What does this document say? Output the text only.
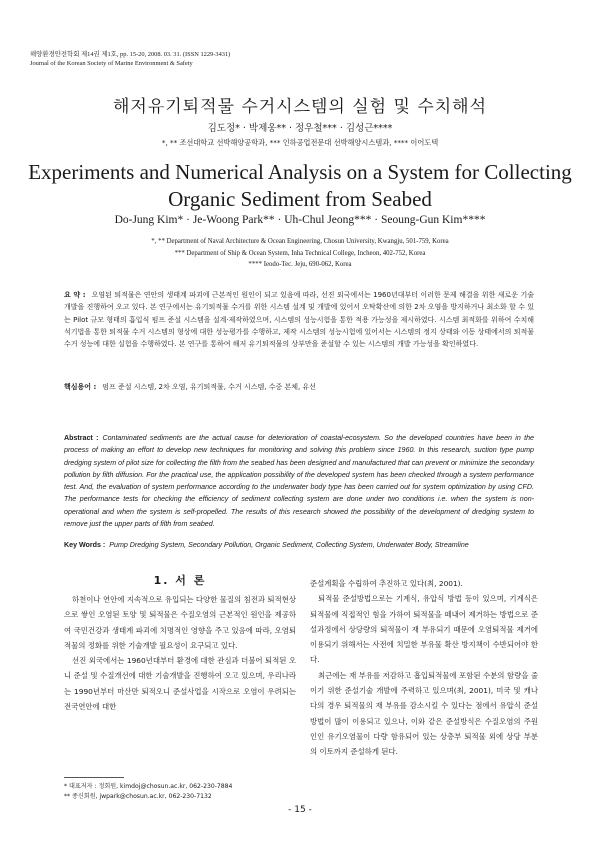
해양환경안전학회 제14권 제1호, pp. 15-20, 2008. 03. 31. (ISSN 1229-3431)
Journal of the Korean Society of Marine Environment & Safety
해저유기퇴적물 수거시스템의 실험 및 수치해석
김도정* · 박제웅** · 정우철*** · 김성근****
*, ** 조선대학교 선박해양공학과, *** 인하공업전문대 선박해양시스템과, **** 이어도텍
Experiments and Numerical Analysis on a System for Collecting
Organic Sediment from Seabed
Do-Jung Kim* · Je-Woong Park** · Uh-Chul Jeong*** · Seoung-Gun Kim****
*, ** Department of Naval Architecture & Ocean Engineering, Chosun University, Kwangju, 501-759, Korea
*** Department of Ship & Ocean System, Inha Technical College, Incheon, 402-752, Korea
**** Ieodo-Tec. Jeju, 690-062, Korea
요 약 : 오염된 퇴적물은 연안의 생태계 파괴에 근본적인 원인이 되고 있음에 따라, 선진 외국에서는 1960년대부터 이러한 문제 해결을 위한 새로운 기술개발을 진행하여 오고 있다. 본 연구에서는 유기퇴적물 수거를 위한 시스템 설계 및 개발에 있어서 오탁확산에 의한 2차 오염을 방지하거나 최소화 할 수 있는 Pilot 규모 형태의 흡입식 펌프 준설 시스템을 설계·제작하였으며, 시스템의 성능시험을 통한 적용 가능성을 제시하였다. 시스템 최적화를 위하여 수치해석기법을 통한 퇴적물 수거 시스템의 형상에 대한 성능평가를 수행하고, 제작 시스템의 성능시험에 있어서는 시스템의 정지 상태와 이동 상태에서의 퇴적물 수거 성능에 대한 실험을 수행하였다. 본 연구를 통하여 해저 유기퇴적물의 상부만을 준설할 수 있는 시스템의 개발 가능성을 확인하였다.
핵심용어 : 펌프 준설 시스템, 2차 오염, 유기퇴적물, 수거 시스템, 수중 본체, 유선
Abstract : Contaminated sediments are the actual cause for deterioration of coastal-ecosystem. So the developed countries have been in the process of making an effort to develop new techniques for monitoring and solving this problem since 1960. In this research, suction type pump dredging system of pilot size for collecting the filth from the seabed has been designed and manufactured that can prevent or minimize the secondary pollution by filth diffusion. For the practical use, the application possibility of the developed system has been checked through a system performance test. And, the evaluation of system performance according to the underwater body type has been carried out for system optimization by using CFD. The performance tests for checking the efficiency of sediment collecting system are done under two conditions i.e. when the system is non-operational and when the system is self-propelled. The results of this research showed the possibility of the development of dredging system to remove just the upper parts of filth from seabed.
Key Words : Pump Dredging System, Secondary Pollution, Organic Sediment, Collecting System, Underwater Body, Streamline
1. 서 론

하천이나 연안에 지속적으로 유입되는 다양한 물질의 침전과 퇴적현상으로 쌓인 오염된 토양 및 퇴적물은 수질오염의 근본적인 원인을 제공하여 국민건강과 생태계 파괴에 치명적인 영향을 주고 있음에 따라, 오염퇴적물의 정화를 위한 기술개발 필요성이 요구되고 있다.

선진 외국에서는 1960년대부터 환경에 대한 관심과 더불어 퇴적된 오니 준설 및 수질개선에 대한 기술개발을 진행하여 오고 있으며, 우리나라는 1990년부터 마산만 퇴적오니 준설사업을 시작으로 오염이 우려되는 전국연안에 대한

준설계획을 수립하여 추진하고 있다(최, 2001).

퇴적물 준설방법으로는 기계식, 유압식 방법 등이 있으며, 기계식은 퇴적물에 직접적인 힘을 가하여 퇴적물을 떼내어 제거하는 방법으로 준설과정에서 상당량의 퇴적물이 재 부유되기 때문에 오염퇴적물 제거에 이용되기 위해서는 사전에 치밀한 부유물 확산 방지책이 수반되어야 한다.

최근에는 재 부유를 저감하고 흡입퇴적물에 포함된 수분의 함량을 줄이기 위한 준설기술 개발에 주력하고 있으며(최, 2001), 미국 및 캐나다의 경우 퇴적물의 재 부유를 감소시킬 수 있다는 점에서 유압식 준설방법이 많이 이용되고 있으나, 이와 같은 준설방식은 수질오염의 주원인인 유기오염물이 다량 함유되어 있는 상층부 퇴적물 외에 상당 부분의 이토까지 준설하게 된다.

* 대표저자 : 정회원, kimdoj@chosun.ac.kr, 062-230-7884
** 종신회원, jwpark@chosun.ac.kr, 062-230-7132
- 15 -
